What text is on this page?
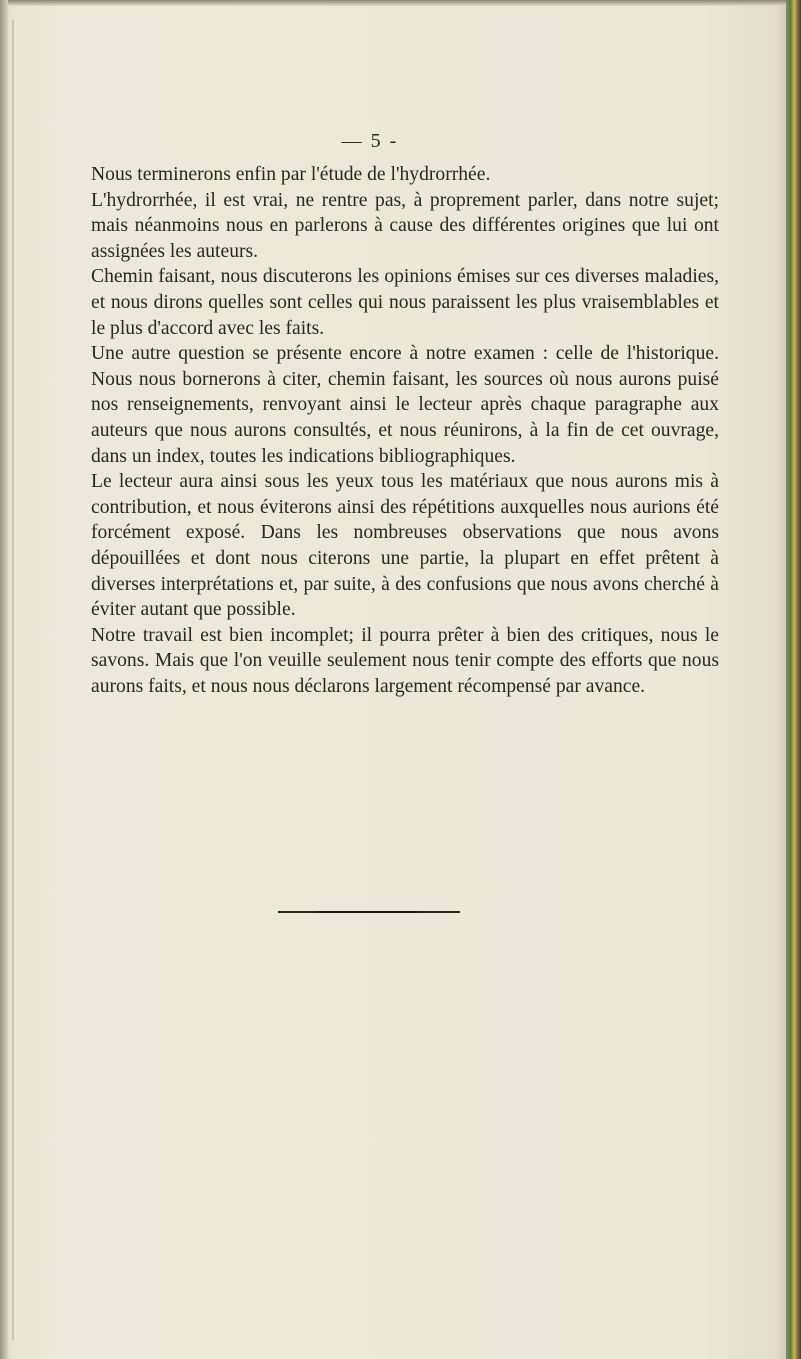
— 5 -

Nous terminerons enfin par l'étude de l'hydrorrhée.

L'hydrorrhée, il est vrai, ne rentre pas, à proprement parler, dans notre sujet; mais néanmoins nous en parlerons à cause des différentes origines que lui ont assignées les auteurs.

Chemin faisant, nous discuterons les opinions émises sur ces diverses maladies, et nous dirons quelles sont celles qui nous paraissent les plus vraisemblables et le plus d'accord avec les faits.

Une autre question se présente encore à notre examen : celle de l'historique. Nous nous bornerons à citer, chemin faisant, les sources où nous aurons puisé nos renseignements, renvoyant ainsi le lecteur après chaque paragraphe aux auteurs que nous aurons consultés, et nous réunirons, à la fin de cet ouvrage, dans un index, toutes les indications bibliographiques.

Le lecteur aura ainsi sous les yeux tous les matériaux que nous aurons mis à contribution, et nous éviterons ainsi des répétitions auxquelles nous aurions été forcément exposé. Dans les nombreuses observations que nous avons dépouillées et dont nous citerons une partie, la plupart en effet prêtent à diverses interprétations et, par suite, à des confusions que nous avons cherché à éviter autant que possible.

Notre travail est bien incomplet; il pourra prêter à bien des critiques, nous le savons. Mais que l'on veuille seulement nous tenir compte des efforts que nous aurons faits, et nous nous déclarons largement récompensé par avance.
